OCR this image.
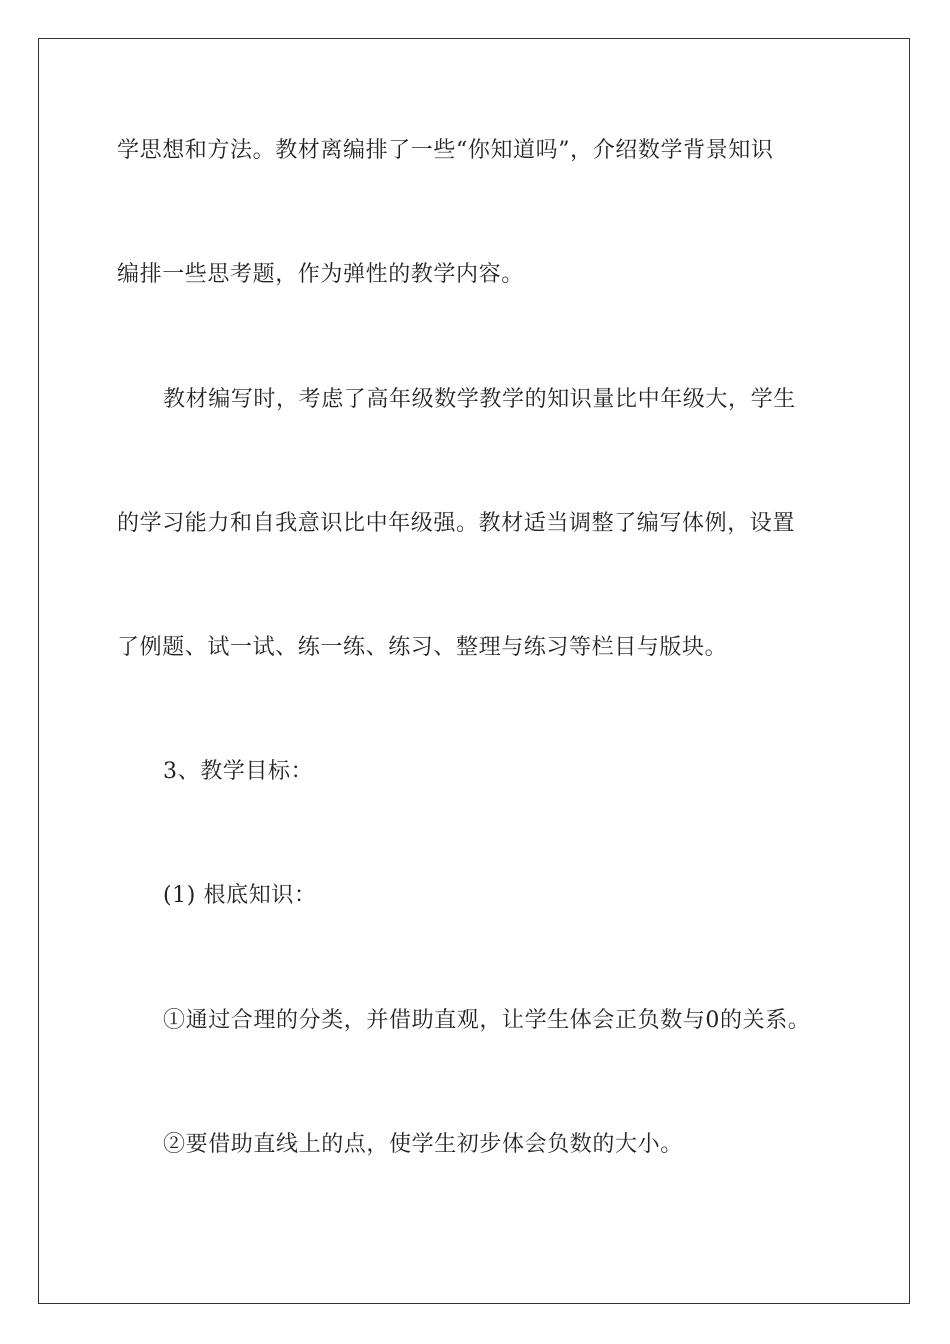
学思想和方法。教材离编排了一些“你知道吗”，介绍数学背景知识
编排一些思考题，作为弹性的教学内容。
教材编写时，考虑了高年级数学教学的知识量比中年级大，学生
的学习能力和自我意识比中年级强。教材适当调整了编写体例，设置
了例题、试一试、练一练、练习、整理与练习等栏目与版块。
3、教学目标：
(1) 根底知识：
①通过合理的分类，并借助直观，让学生体会正负数与0的关系。
②要借助直线上的点，使学生初步体会负数的大小。
